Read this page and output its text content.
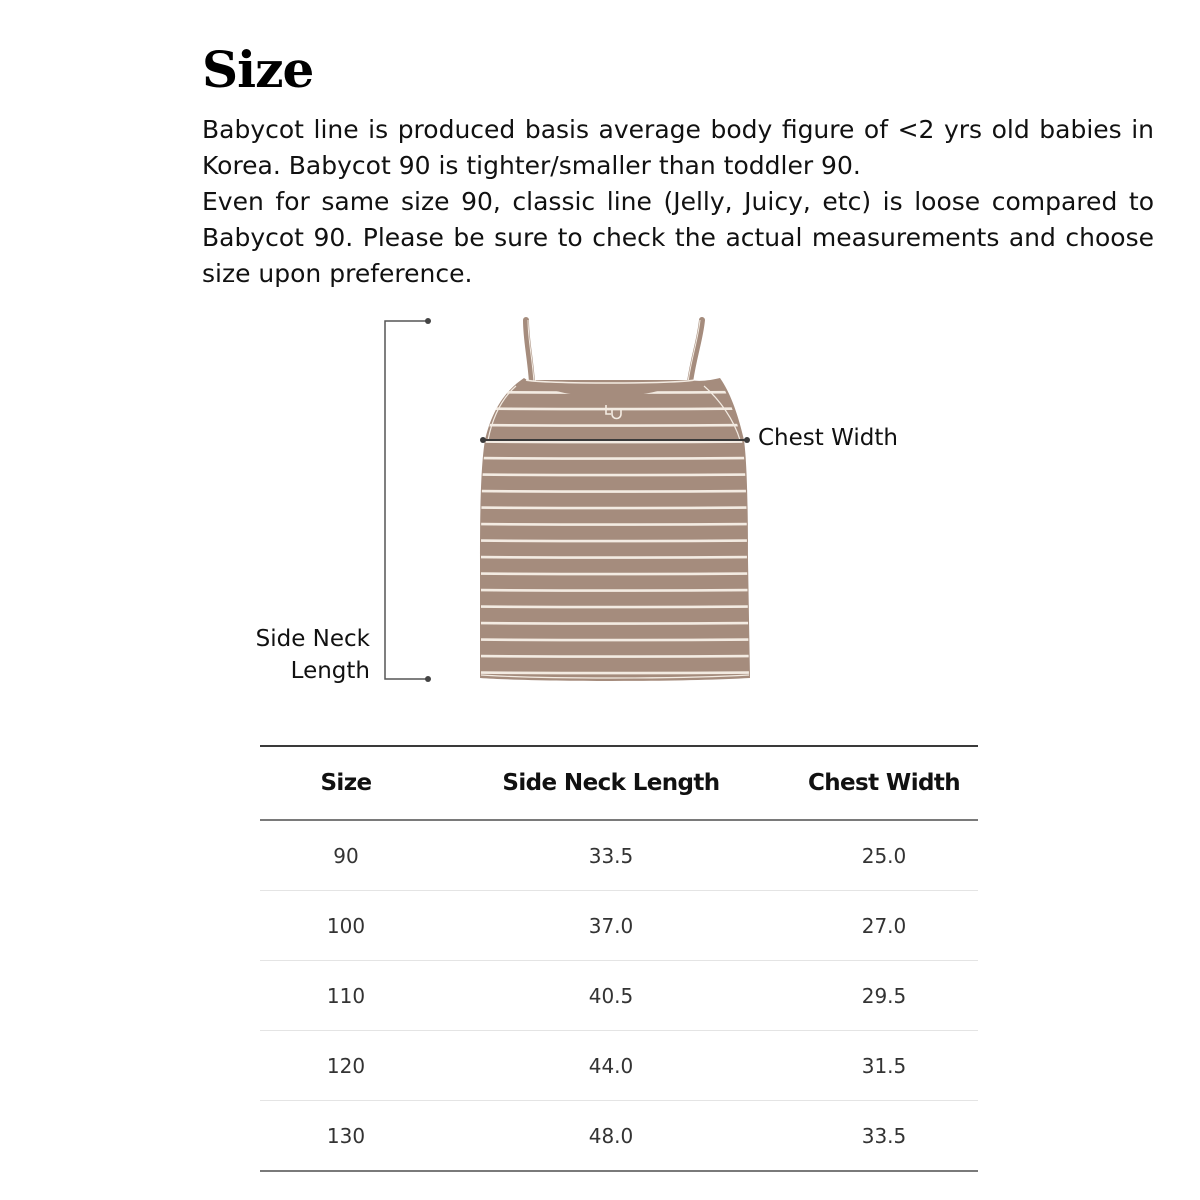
Size

Babycot line is produced basis average body figure of <2 yrs old babies in Korea. Babycot 90 is tighter/smaller than toddler 90.

Even for same size 90, classic line (Jelly, Juicy, etc) is loose compared to Babycot 90. Please be sure to check the actual measurements and choose size upon preference.

Chest Width
Side Neck
Length
Size	Side Neck Length	Chest Width
90	33.5	25.0
100	37.0	27.0
110	40.5	29.5
120	44.0	31.5
130	48.0	33.5
